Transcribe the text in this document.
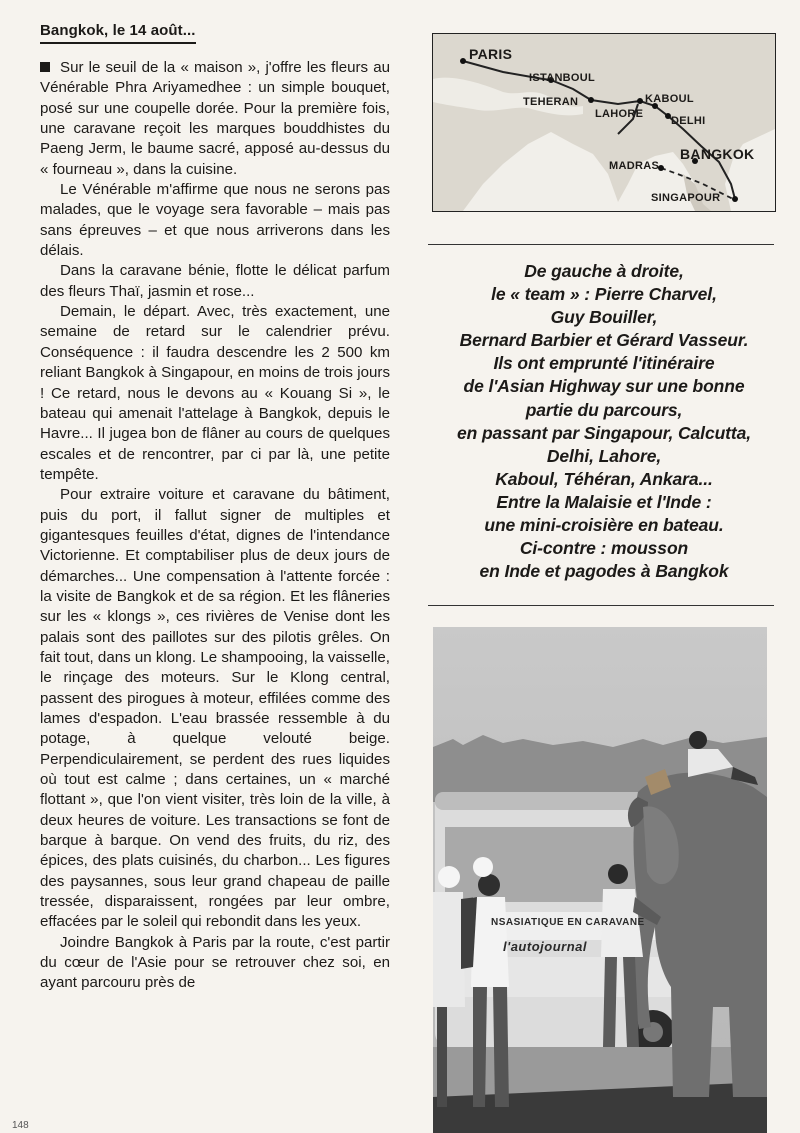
Bangkok, le 14 août...

Sur le seuil de la « maison », j'offre les fleurs au Vénérable Phra Ariyamedhee : un simple bouquet, posé sur une coupelle dorée. Pour la première fois, une caravane reçoit les marques bouddhistes du Paeng Jerm, le baume sacré, apposé au-dessus du « fourneau », dans la cuisine.

Le Vénérable m'affirme que nous ne serons pas malades, que le voyage sera favorable – mais pas sans épreuves – et que nous arriverons dans les délais.

Dans la caravane bénie, flotte le délicat parfum des fleurs Thaï, jasmin et rose...

Demain, le départ. Avec, très exactement, une semaine de retard sur le calendrier prévu. Conséquence : il faudra descendre les 2 500 km reliant Bangkok à Singapour, en moins de trois jours ! Ce retard, nous le devons au « Kouang Si », le bateau qui amenait l'attelage à Bangkok, depuis le Havre... Il jugea bon de flâner au cours de quelques escales et de rencontrer, par ci par là, une petite tempête.

Pour extraire voiture et caravane du bâtiment, puis du port, il fallut signer de multiples et gigantesques feuilles d'état, dignes de l'intendance Victorienne. Et comptabiliser plus de deux jours de démarches... Une compensation à l'attente forcée : la visite de Bangkok et de sa région. Et les flâneries sur les « klongs », ces rivières de Venise dont les palais sont des paillotes sur des pilotis grêles. On fait tout, dans un klong. Le shampooing, la vaisselle, le rinçage des moteurs. Sur le Klong central, passent des pirogues à moteur, effilées comme des lames d'espadon. L'eau brassée ressemble à du potage, à quelque velouté beige. Perpendiculairement, se perdent des rues liquides où tout est calme ; dans certaines, un « marché flottant », que l'on vient visiter, très loin de la ville, à deux heures de voiture. Les transactions se font de barque à barque. On vend des fruits, du riz, des épices, des plats cuisinés, du charbon... Les figures des paysannes, sous leur grand chapeau de paille tressée, disparaissent, rongées par leur ombre, effacées par le soleil qui rebondit dans les yeux.

Joindre Bangkok à Paris par la route, c'est partir du cœur de l'Asie pour se retrouver chez soi, en ayant parcouru près de

PARIS
ISTANBOUL
TEHERAN	KABOUL
LAHORE
DELHI
BANGKOK
MADRAS
SINGAPOUR
De gauche à droite,
le « team » : Pierre Charvel,
Guy Bouiller,
Bernard Barbier et Gérard Vasseur.
Ils ont emprunté l'itinéraire
de l'Asian Highway sur une bonne
partie du parcours,
en passant par Singapour, Calcutta,
Delhi, Lahore,
Kaboul, Téhéran, Ankara...
Entre la Malaisie et l'Inde :
une mini-croisière en bateau.
Ci-contre : mousson
en Inde et pagodes à Bangkok
NSASIATIQUE EN CARAVANE
l'autojournal
148
